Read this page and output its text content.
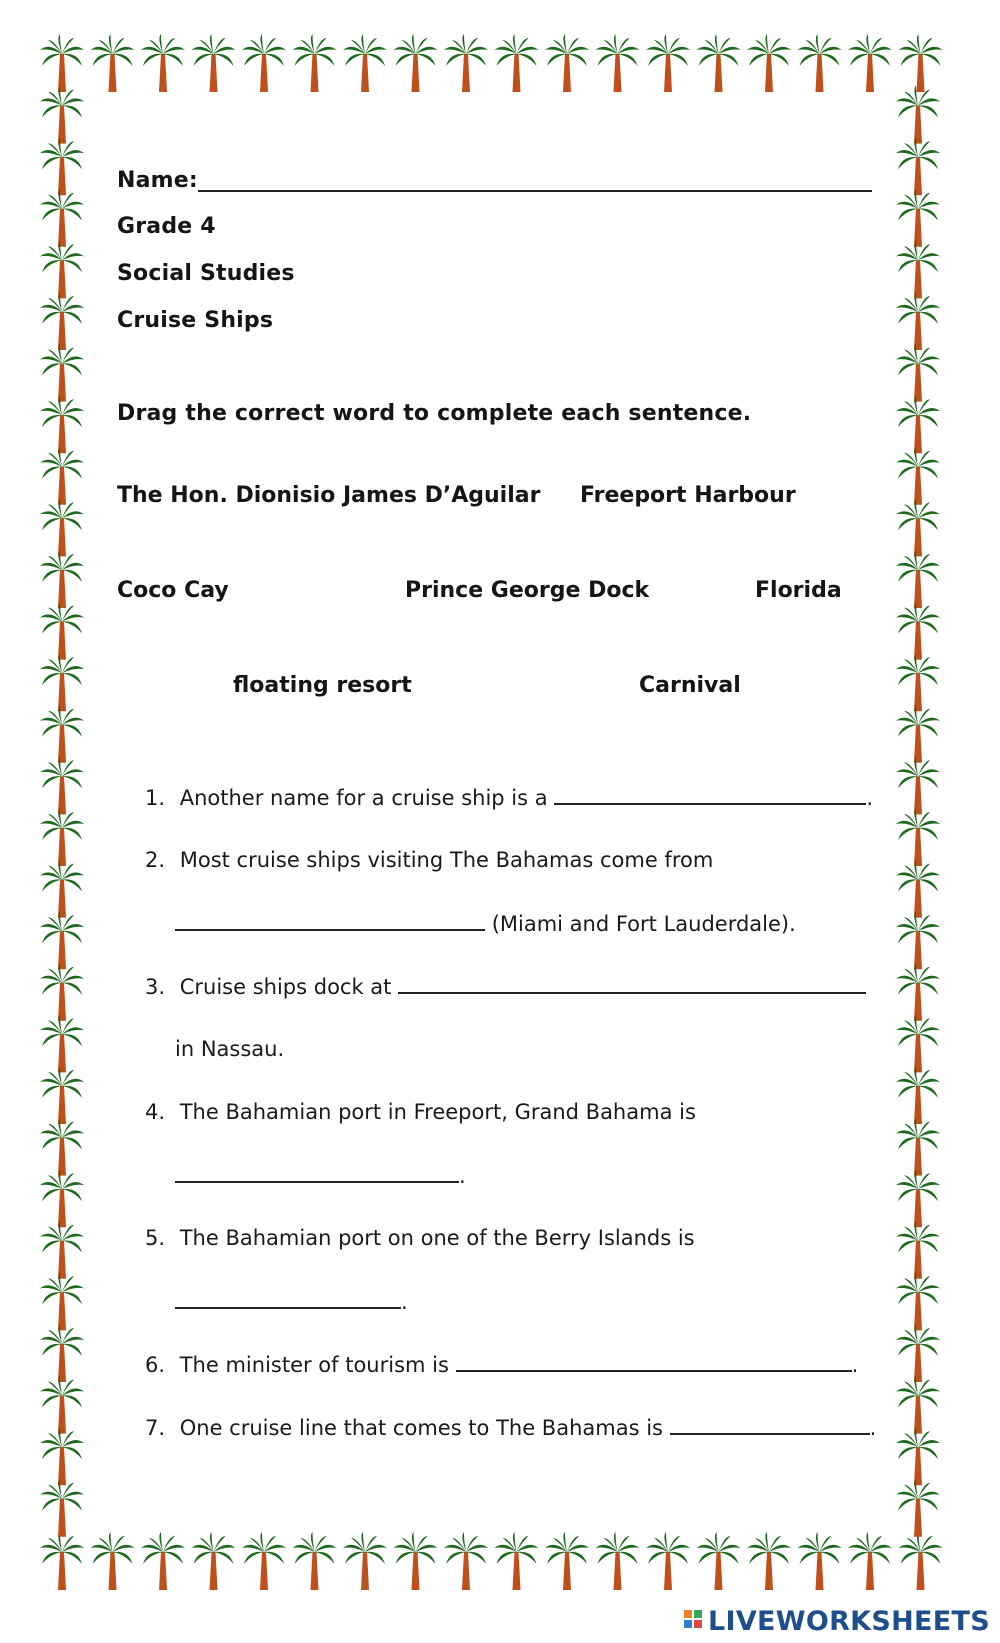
Name:
Grade 4
Social Studies
Cruise Ships
Drag the correct word to complete each sentence.
The Hon. Dionisio James D’Aguilar Freeport Harbour
Coco Cay	Prince George Dock	Florida
floating resort	Carnival
1. Another name for a cruise ship is a	.
2. Most cruise ships visiting The Bahamas come from
(Miami and Fort Lauderdale).
3. Cruise ships dock at
in Nassau.
4. The Bahamian port in Freeport, Grand Bahama is
.
5. The Bahamian port on one of the Berry Islands is
.
6. The minister of tourism is	.
7. One cruise line that comes to The Bahamas is	.
LIVEWORKSHEETS
